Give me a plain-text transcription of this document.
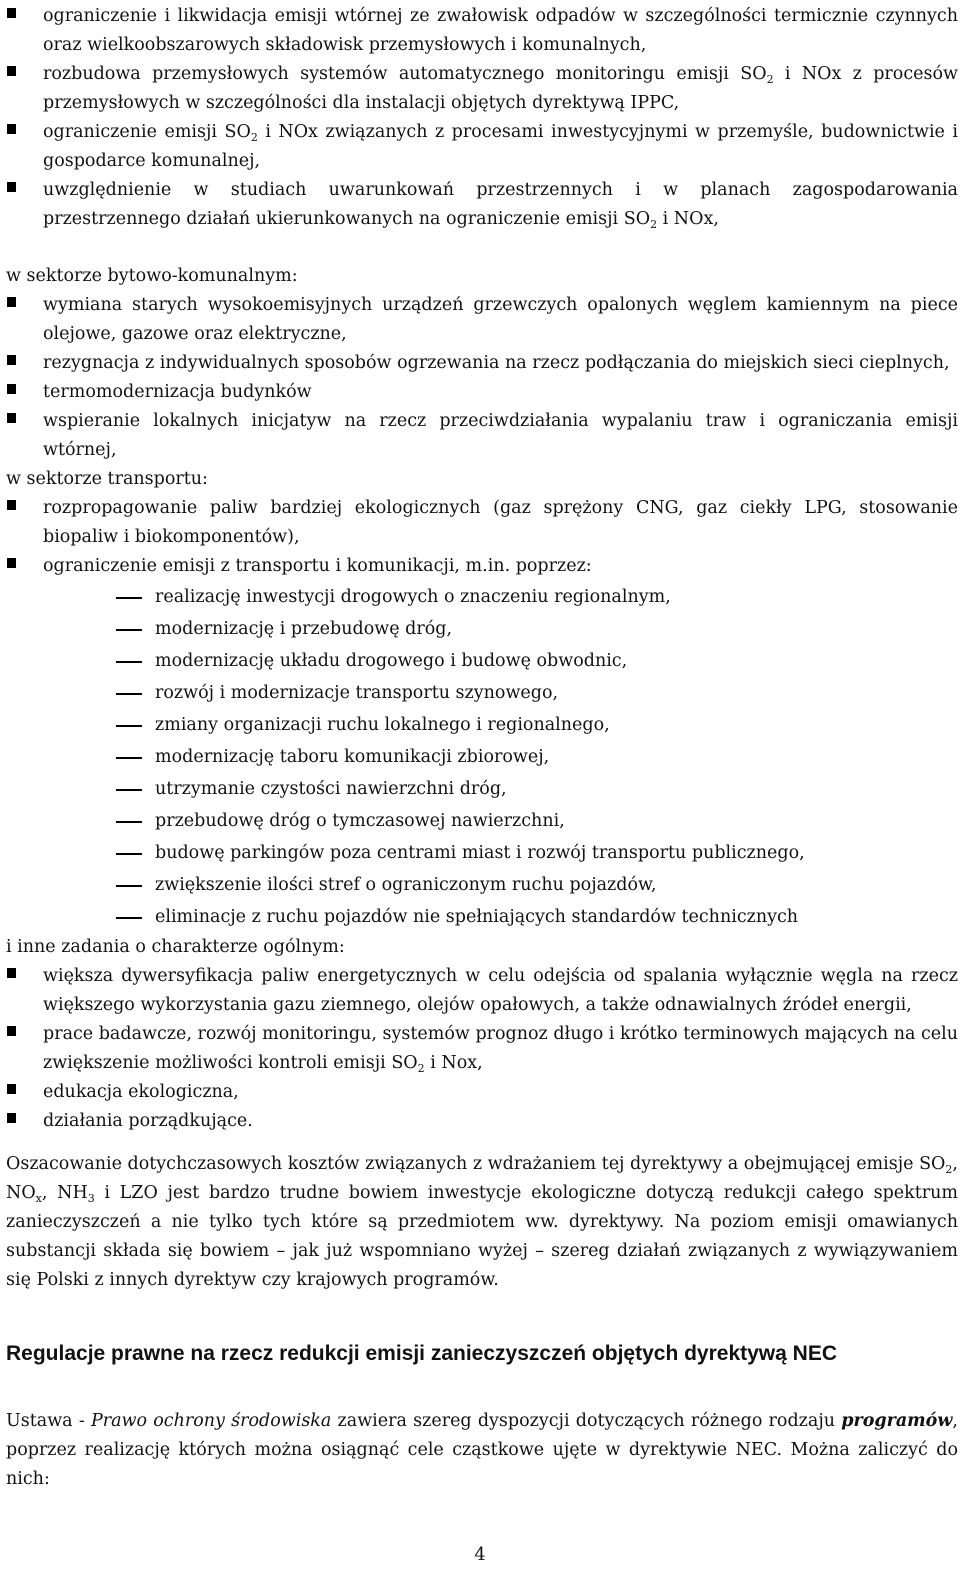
ograniczenie i likwidacja emisji wtórnej ze zwałowisk odpadów w szczególności termicznie czynnych oraz wielkoobszarowych składowisk przemysłowych i komunalnych,
rozbudowa przemysłowych systemów automatycznego monitoringu emisji $SO_2$ i NOx z procesów przemysłowych w szczególności dla instalacji objętych dyrektywą IPPC,
ograniczenie emisji $SO_2$ i NOx związanych z procesami inwestycyjnymi w przemyśle, budownictwie i gospodarce komunalnej,
uwzględnienie w studiach uwarunkowań przestrzennych i w planach zagospodarowania przestrzennego działań ukierunkowanych na ograniczenie emisji $SO_2$ i NOx,

w sektorze bytowo-komunalnym:

wymiana starych wysokoemisyjnych urządzeń grzewczych opalonych węglem kamiennym na piece olejowe, gazowe oraz elektryczne,
rezygnacja z indywidualnych sposobów ogrzewania na rzecz podłączania do miejskich sieci cieplnych,
termomodernizacja budynków
wspieranie lokalnych inicjatyw na rzecz przeciwdziałania wypalaniu traw i ograniczania emisji wtórnej,

w sektorze transportu:

rozpropagowanie paliw bardziej ekologicznych (gaz sprężony CNG, gaz ciekły LPG, stosowanie biopaliw i biokomponentów),
ograniczenie emisji z transportu i komunikacji, m.in. poprzez:
realizację inwestycji drogowych o znaczeniu regionalnym,
modernizację i przebudowę dróg,
modernizację układu drogowego i budowę obwodnic,
rozwój i modernizacje transportu szynowego,
zmiany organizacji ruchu lokalnego i regionalnego,
modernizację taboru komunikacji zbiorowej,
utrzymanie czystości nawierzchni dróg,
przebudowę dróg o tymczasowej nawierzchni,
budowę parkingów poza centrami miast i rozwój transportu publicznego,
zwiększenie ilości stref o ograniczonym ruchu pojazdów,
eliminacje z ruchu pojazdów nie spełniających standardów technicznych

i inne zadania o charakterze ogólnym:

większa dywersyfikacja paliw energetycznych w celu odejścia od spalania wyłącznie węgla na rzecz większego wykorzystania gazu ziemnego, olejów opałowych, a także odnawialnych źródeł energii,
prace badawcze, rozwój monitoringu, systemów prognoz długo i krótko terminowych mających na celu zwiększenie możliwości kontroli emisji $SO_2$ i Nox,
edukacja ekologiczna,
działania porządkujące.

Oszacowanie dotychczasowych kosztów związanych z wdrażaniem tej dyrektywy a obejmującej emisje $SO_2$, $NO_x$, $NH_3$ i LZO jest bardzo trudne bowiem inwestycje ekologiczne dotyczą redukcji całego spektrum zanieczyszczeń a nie tylko tych które są przedmiotem ww. dyrektywy. Na poziom emisji omawianych substancji składa się bowiem – jak już wspomniano wyżej – szereg działań związanych z wywiązywaniem się Polski z innych dyrektyw czy krajowych programów.

Regulacje prawne na rzecz redukcji emisji zanieczyszczeń objętych dyrektywą NEC

Ustawa - Prawo ochrony środowiska zawiera szereg dyspozycji dotyczących różnego rodzaju programów, poprzez realizację których można osiągnąć cele cząstkowe ujęte w dyrektywie NEC. Można zaliczyć do nich:

4
